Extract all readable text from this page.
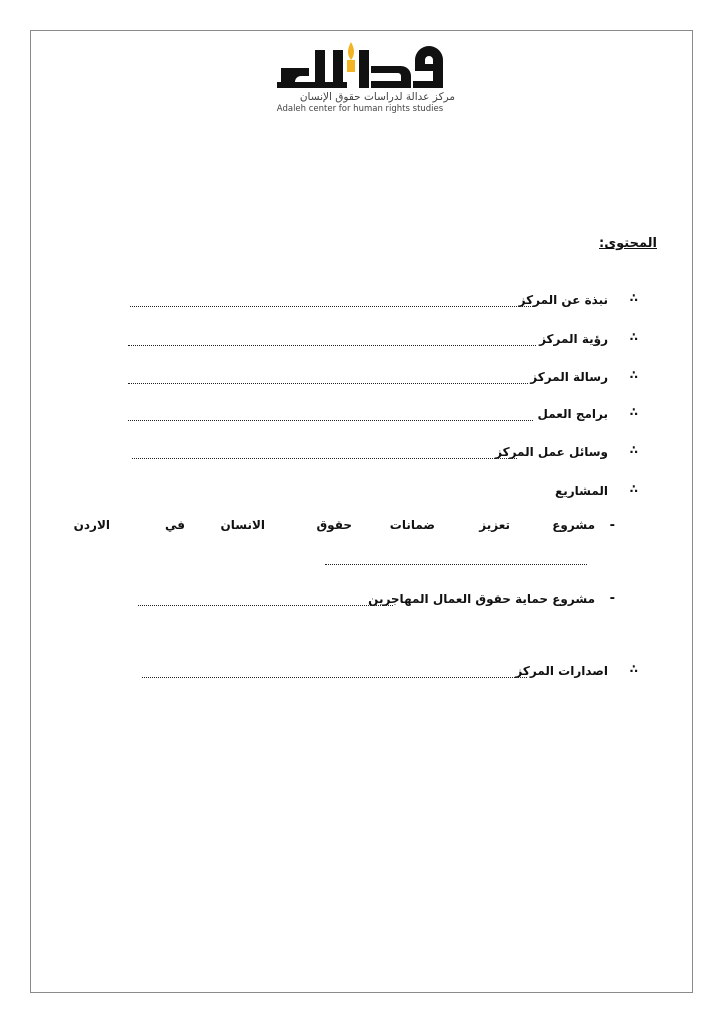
مركز عدالة لدراسات حقوق الإنسان
Adaleh center for human rights studies
المحتوى:
∴
نبذة عن المركز
∴
رؤية المركز
∴
رسالة المركز
∴
برامج العمل
∴
وسائل عمل المركز
∴
المشاريع
-
مشروع
تعزيز
ضمانات
حقوق
الانسان
في
الاردن
-
مشروع حماية حقوق العمال المهاجرين
∴
اصدارات المركز
